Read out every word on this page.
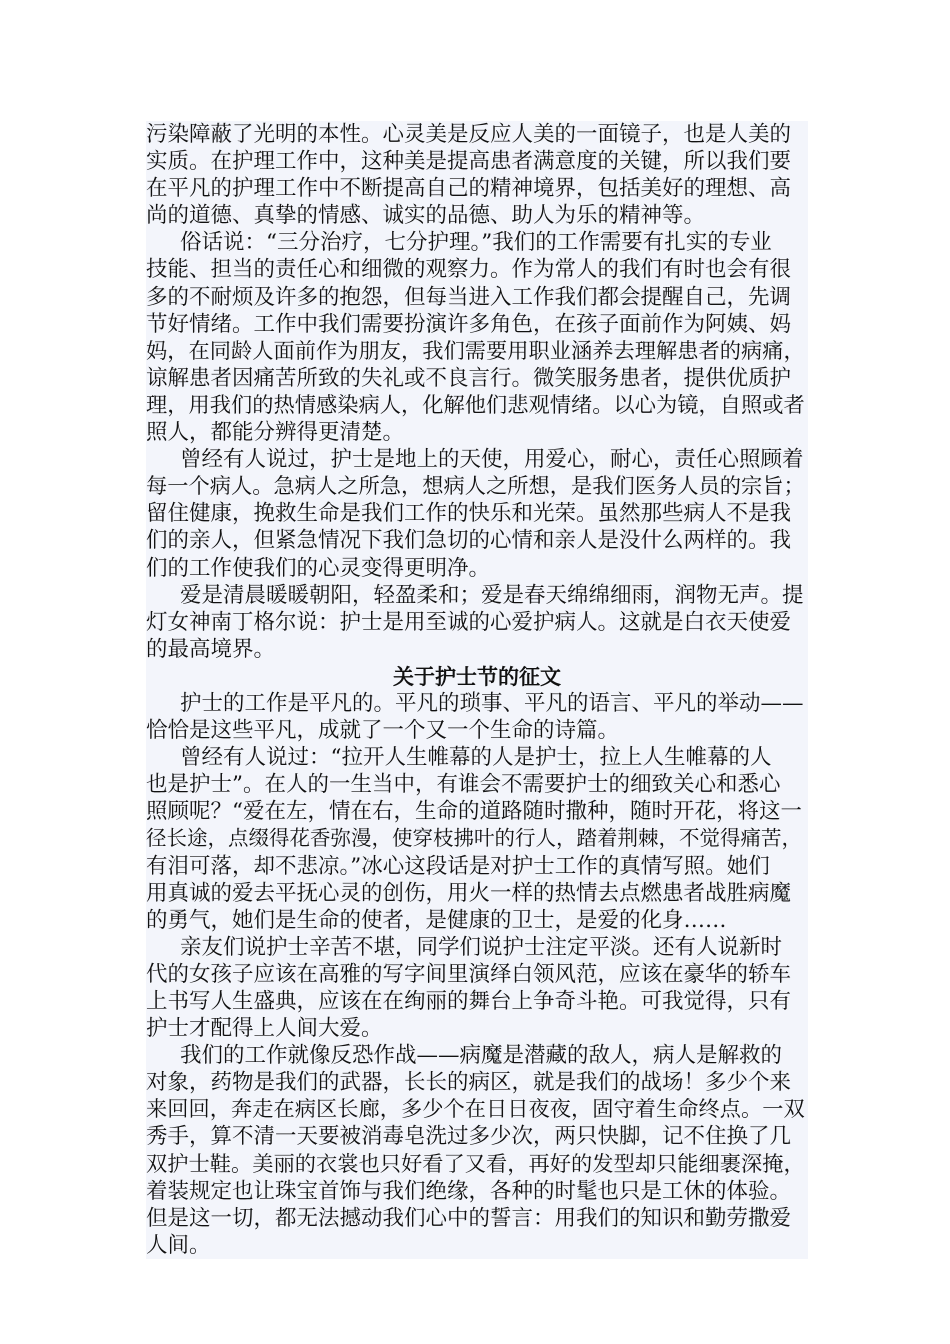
污染障蔽了光明的本性。心灵美是反应人美的一面镜子，也是人美的
实质。在护理工作中，这种美是提高患者满意度的关键，所以我们要
在平凡的护理工作中不断提高自己的精神境界，包括美好的理想、高
尚的道德、真挚的情感、诚实的品德、助人为乐的精神等。
俗话说：“三分治疗，七分护理。”我们的工作需要有扎实的专业
技能、担当的责任心和细微的观察力。作为常人的我们有时也会有很
多的不耐烦及许多的抱怨，但每当进入工作我们都会提醒自己，先调
节好情绪。工作中我们需要扮演许多角色，在孩子面前作为阿姨、妈
妈，在同龄人面前作为朋友，我们需要用职业涵养去理解患者的病痛，
谅解患者因痛苦所致的失礼或不良言行。微笑服务患者，提供优质护
理，用我们的热情感染病人，化解他们悲观情绪。以心为镜，自照或者
照人，都能分辨得更清楚。
曾经有人说过，护士是地上的天使，用爱心，耐心，责任心照顾着
每一个病人。急病人之所急，想病人之所想，是我们医务人员的宗旨；
留住健康，挽救生命是我们工作的快乐和光荣。虽然那些病人不是我
们的亲人，但紧急情况下我们急切的心情和亲人是没什么两样的。我
们的工作使我们的心灵变得更明净。
爱是清晨暖暖朝阳，轻盈柔和；爱是春天绵绵细雨，润物无声。提
灯女神南丁格尔说：护士是用至诚的心爱护病人。这就是白衣天使爱
的最高境界。
关于护士节的征文
护士的工作是平凡的。平凡的琐事、平凡的语言、平凡的举动——
恰恰是这些平凡，成就了一个又一个生命的诗篇。
曾经有人说过：“拉开人生帷幕的人是护士，拉上人生帷幕的人
也是护士”。在人的一生当中，有谁会不需要护士的细致关心和悉心
照顾呢？“爱在左，情在右，生命的道路随时撒种，随时开花，将这一
径长途，点缀得花香弥漫，使穿枝拂叶的行人，踏着荆棘，不觉得痛苦，
有泪可落，却不悲凉。”冰心这段话是对护士工作的真情写照。她们
用真诚的爱去平抚心灵的创伤，用火一样的热情去点燃患者战胜病魔
的勇气，她们是生命的使者，是健康的卫士，是爱的化身……
亲友们说护士辛苦不堪，同学们说护士注定平淡。还有人说新时
代的女孩子应该在高雅的写字间里演绎白领风范，应该在豪华的轿车
上书写人生盛典，应该在在绚丽的舞台上争奇斗艳。可我觉得，只有
护士才配得上人间大爱。
我们的工作就像反恐作战——病魔是潜藏的敌人，病人是解救的
对象，药物是我们的武器，长长的病区，就是我们的战场！多少个来
来回回，奔走在病区长廊，多少个在日日夜夜，固守着生命终点。一双
秀手，算不清一天要被消毒皂洗过多少次，两只快脚，记不住换了几
双护士鞋。美丽的衣裳也只好看了又看，再好的发型却只能细裹深掩，
着装规定也让珠宝首饰与我们绝缘，各种的时髦也只是工休的体验。
但是这一切，都无法撼动我们心中的誓言：用我们的知识和勤劳撒爱
人间。
